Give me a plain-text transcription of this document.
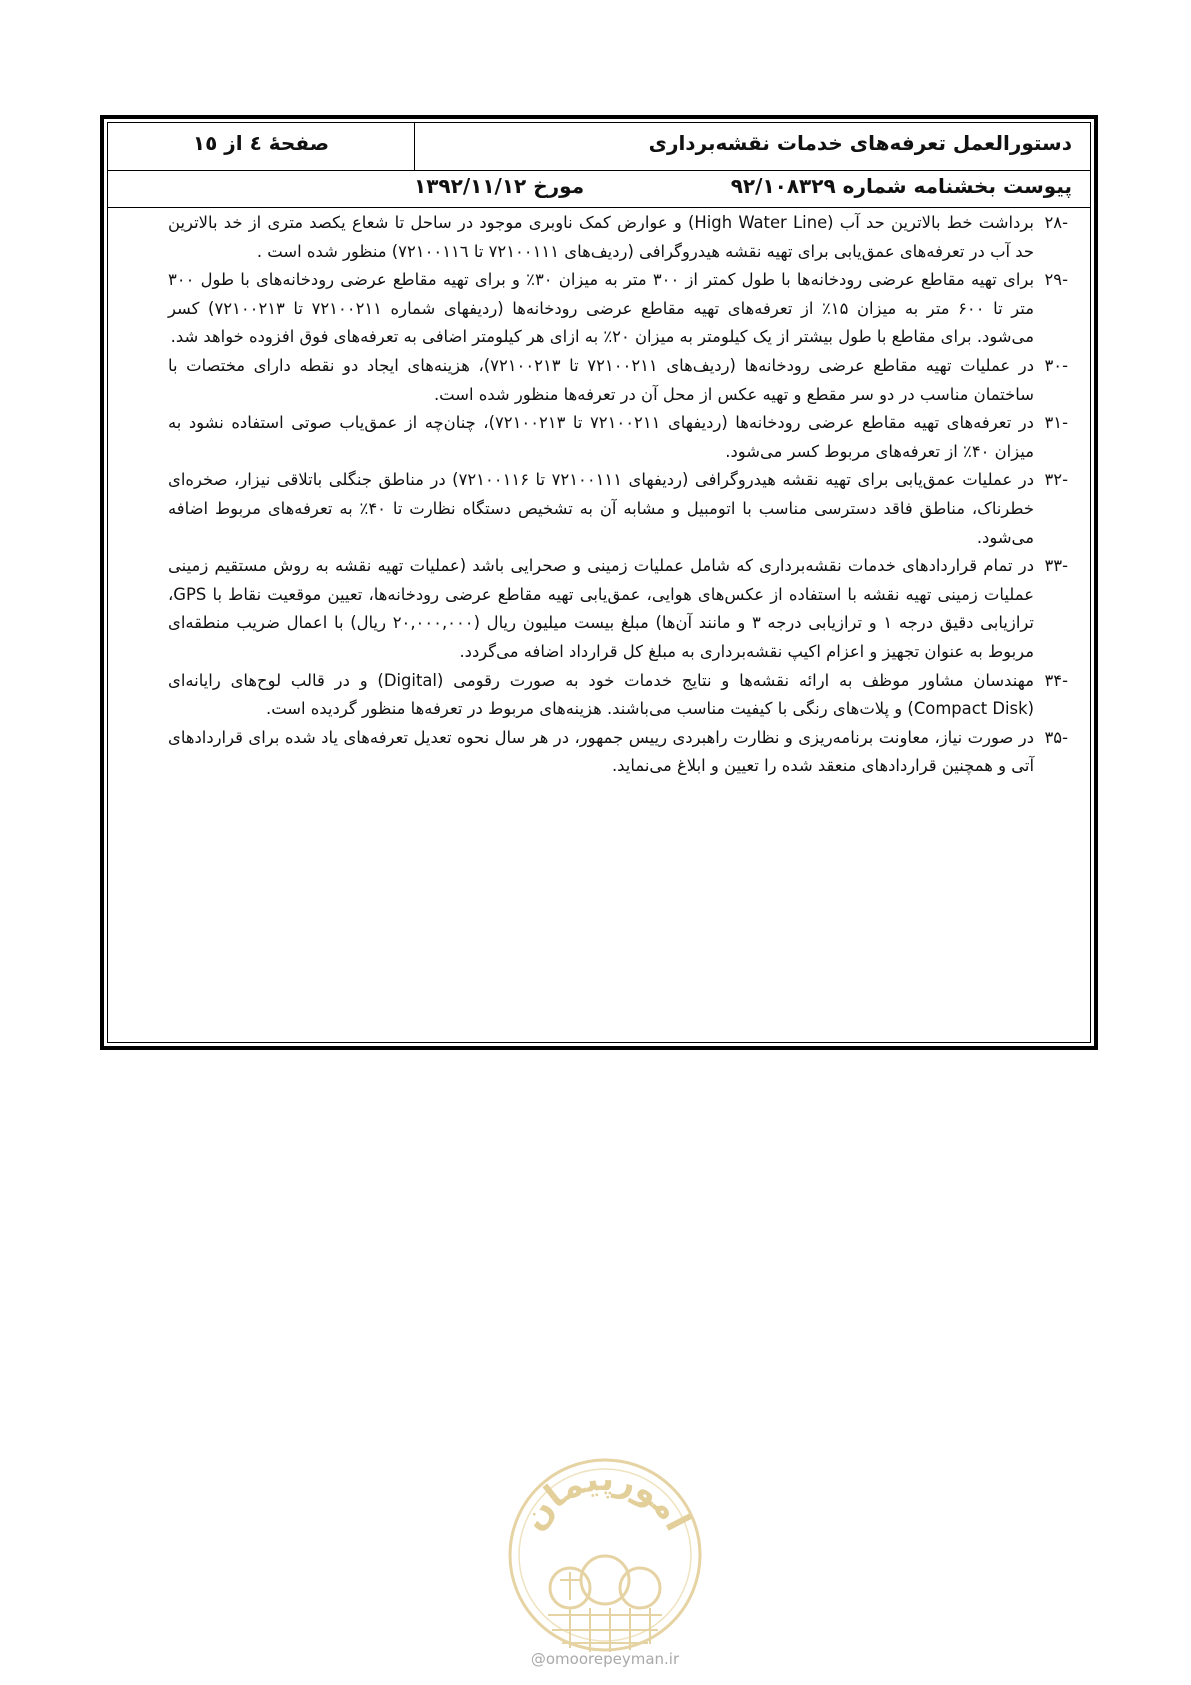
دستورالعمل تعرفه‌های خدمات نقشه‌برداری
صفحهٔ ٤ از ١٥
پیوست بخشنامه شماره ٩٢/١٠٨٣٢٩
مورخ ١٣٩٢/١١/١٢
-٢٨
برداشت خط بالاترین حد آب (High Water Line) و عوارض کمک ناوبری موجود در ساحل تا شعاع یکصد متری از خد بالاترین حد آب در تعرفه‌های عمق‌یابی برای تهیه نقشه هیدروگرافی (ردیف‌های ٧٢١٠٠١١١ تا ٧٢١٠٠١١٦) منظور شده است .
-٢٩
برای تهیه مقاطع عرضی رودخانه‌ها با طول کمتر از ٣٠٠ متر به میزان ٣٠٪ و برای تهیه مقاطع عرضی رودخانه‌های با طول ٣٠٠ متر تا ۶٠٠ متر به میزان ١۵٪ از تعرفه‌های تهیه مقاطع عرضی رودخانه‌ها (ردیفهای شماره ٧٢١٠٠٢١١ تا ٧٢١٠٠٢١٣) کسر می‌شود. برای مقاطع با طول بیشتر از یک کیلومتر به میزان ٢٠٪ به ازای هر کیلومتر اضافی به تعرفه‌های فوق افزوده خواهد شد.
-٣٠
در عملیات تهیه مقاطع عرضی رودخانه‌ها (ردیف‌های ٧٢١٠٠٢١١ تا ٧٢١٠٠٢١٣)، هزینه‌های ایجاد دو نقطه دارای مختصات با ساختمان مناسب در دو سر مقطع و تهیه عکس از محل آن در تعرفه‌ها منظور شده است.
-٣١
در تعرفه‌های تهیه مقاطع عرضی رودخانه‌ها (ردیفهای ٧٢١٠٠٢١١ تا ٧٢١٠٠٢١٣)، چنان‌چه از عمق‌یاب صوتی استفاده نشود به میزان ۴٠٪ از تعرفه‌های مربوط کسر می‌شود.
-٣٢
در عملیات عمق‌یابی برای تهیه نقشه هیدروگرافی (ردیفهای ٧٢١٠٠١١١ تا ٧٢١٠٠١١۶) در مناطق جنگلی باتلاقی نیزار، صخره‌ای خطرناک، مناطق فاقد دسترسی مناسب با اتومبیل و مشابه آن به تشخیص دستگاه نظارت تا ۴٠٪ به تعرفه‌های مربوط اضافه می‌شود.
-٣٣
در تمام قراردادهای خدمات نقشه‌برداری که شامل عملیات زمینی و صحرایی باشد (عملیات تهیه نقشه به روش مستقیم زمینی عملیات زمینی تهیه نقشه با استفاده از عکس‌های هوایی، عمق‌یابی تهیه مقاطع عرضی رودخانه‌ها، تعیین موقعیت نقاط با GPS، ترازیابی دقیق درجه ١ و ترازیابی درجه ٣ و مانند آن‌ها) مبلغ بیست میلیون ریال (٢٠,٠٠٠,٠٠٠ ریال) با اعمال ضریب منطقه‌ای مربوط به عنوان تجهیز و اعزام اکیپ نقشه‌برداری به مبلغ کل قرارداد اضافه می‌گردد.
-٣۴
مهندسان مشاور موظف به ارائه نقشه‌ها و نتایج خدمات خود به صورت رقومی (Digital) و در قالب لوح‌های رایانه‌ای (Compact Disk) و پلات‌های رنگی با کیفیت مناسب می‌باشند. هزینه‌های مربوط در تعرفه‌ها منظور گردیده است.
-٣۵
در صورت نیاز، معاونت برنامه‌ریزی و نظارت راهبردی رییس جمهور، در هر سال نحوه تعدیل تعرفه‌های یاد شده برای قراردادهای آتی و همچنین قراردادهای منعقد شده را تعیین و ابلاغ می‌نماید.
امورپیمان
@omoorepeyman.ir
